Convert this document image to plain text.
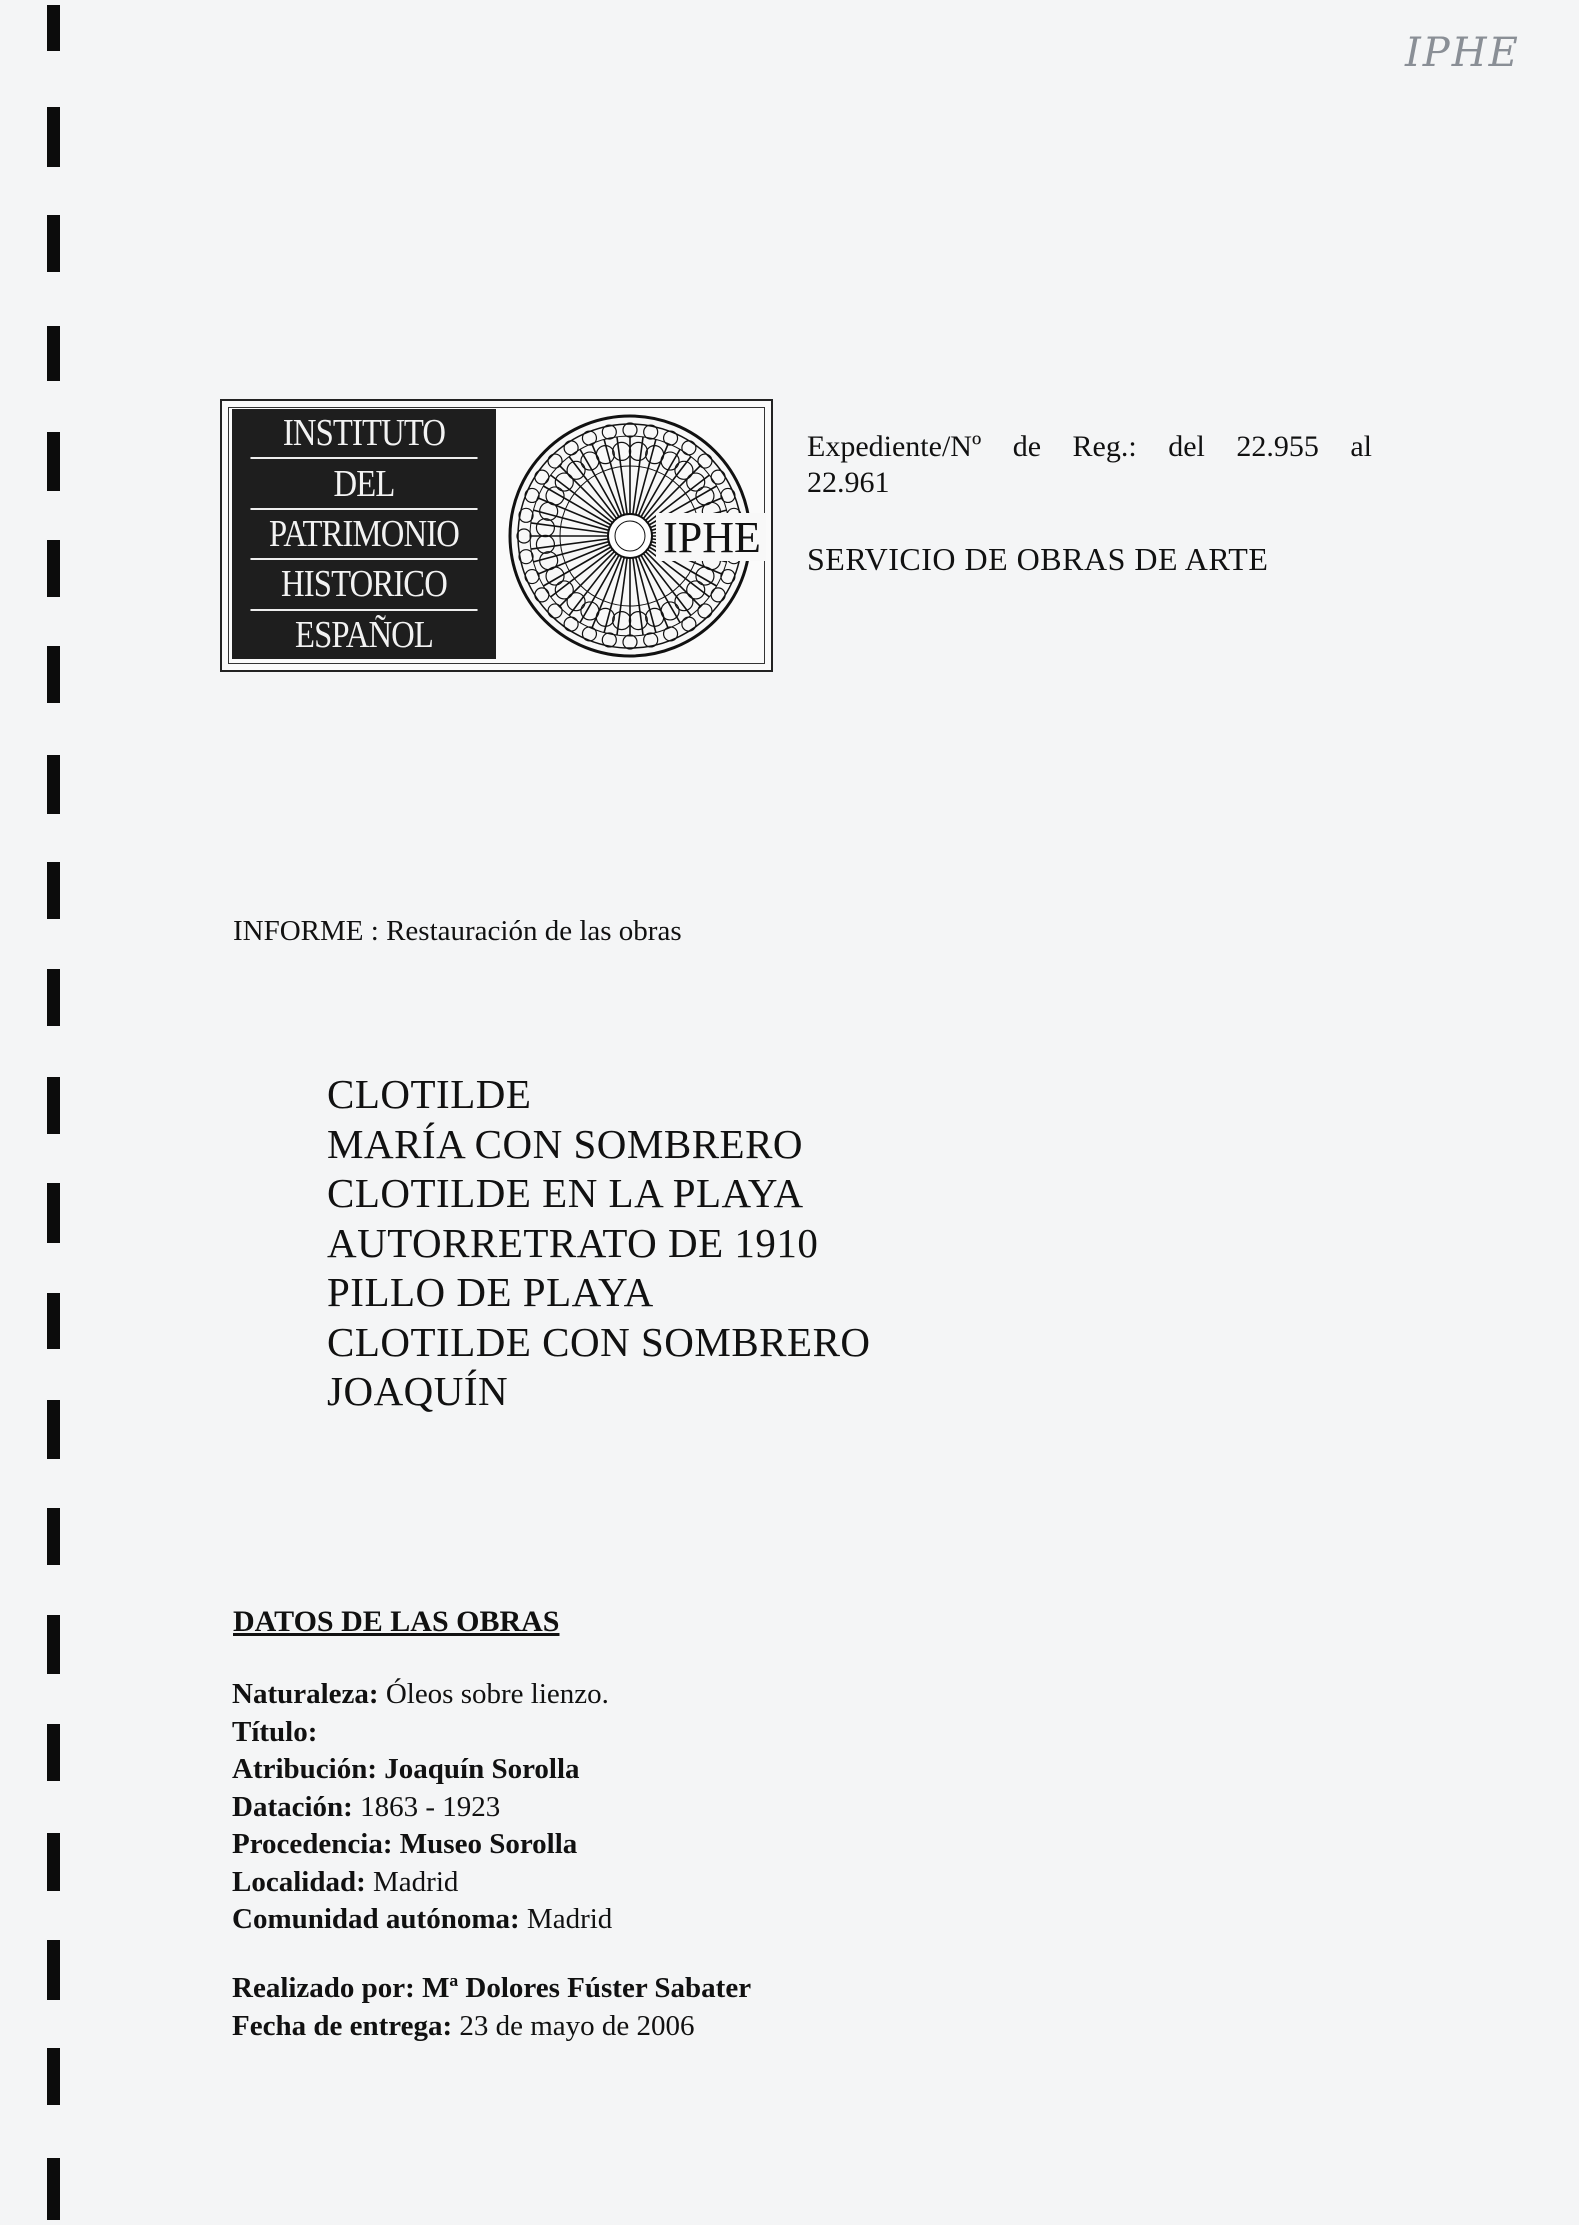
IPHE
INSTITUTO
DEL
PATRIMONIO
HISTORICO
ESPAÑOL
IPHE
Expediente/Nº de Reg.: del 22.955 al
22.961
SERVICIO DE OBRAS DE ARTE
INFORME : Restauración de las obras
CLOTILDE
MARÍA CON SOMBRERO
CLOTILDE EN LA PLAYA
AUTORRETRATO DE 1910
PILLO DE PLAYA
CLOTILDE CON SOMBRERO
JOAQUÍN
DATOS DE LAS OBRAS
Naturaleza: Óleos sobre lienzo.
Título:
Atribución: Joaquín Sorolla
Datación: 1863 - 1923
Procedencia: Museo Sorolla
Localidad: Madrid
Comunidad autónoma: Madrid
Realizado por: Mª Dolores Fúster Sabater
Fecha de entrega: 23 de mayo de 2006
